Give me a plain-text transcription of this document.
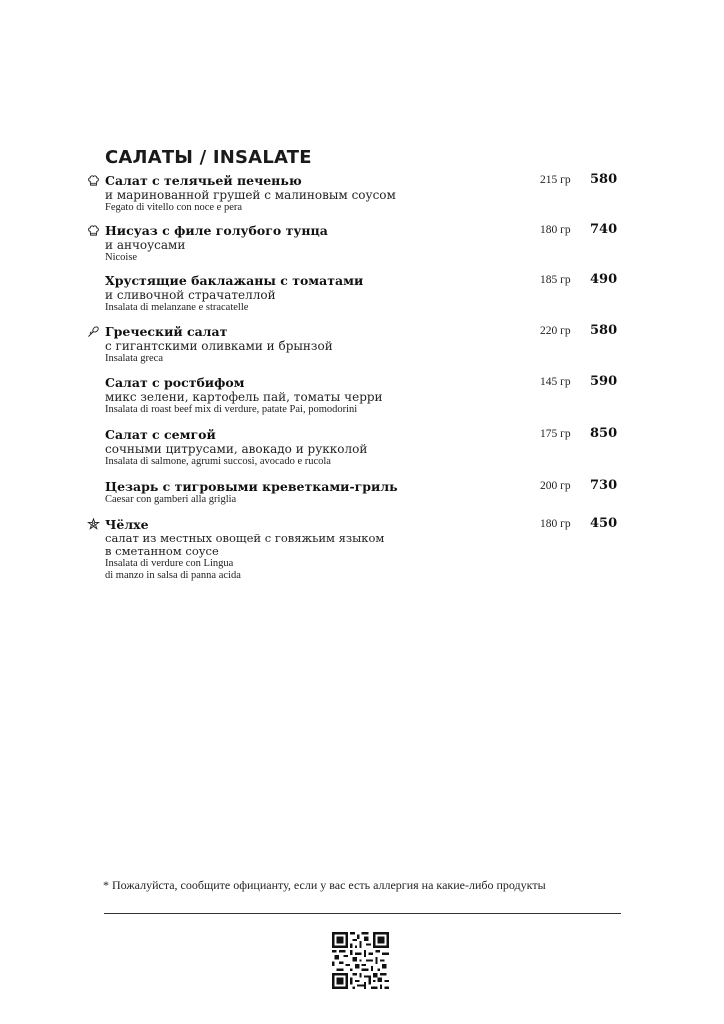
САЛАТЫ / INSALATE
Салат с телячьей печенью
и маринованной грушей с малиновым соусом
Fegato di vitello con noce e pera
215 гр 580
Нисуаз с филе голубого тунца
и анчоусами
Nicoise
180 гр 740
Хрустящие баклажаны с томатами
и сливочной страчателлой
Insalata di melanzane e stracatelle
185 гр 490
Греческий салат
с гигантскими оливками и брынзой
Insalata greca
220 гр 580
Салат с ростбифом
микс зелени, картофель пай, томаты черри
Insalata di roast beef mix di verdure, patate Pai, pomodorini
145 гр 590
Салат с семгой
сочными цитрусами, авокадо и рукколой
Insalata di salmone, agrumi succosi, avocado e rucola
175 гр 850
Цезарь с тигровыми креветками-гриль
Caesar con gamberi alla griglia
200 гр 730
Чёлхе
салат из местных овощей с говяжьим языком
в сметанном соусе
Insalata di verdure con Lingua
di manzo in salsa di panna acida
180 гр 450
* Пожалуйста, сообщите официанту, если у вас есть аллергия на какие-либо продукты
